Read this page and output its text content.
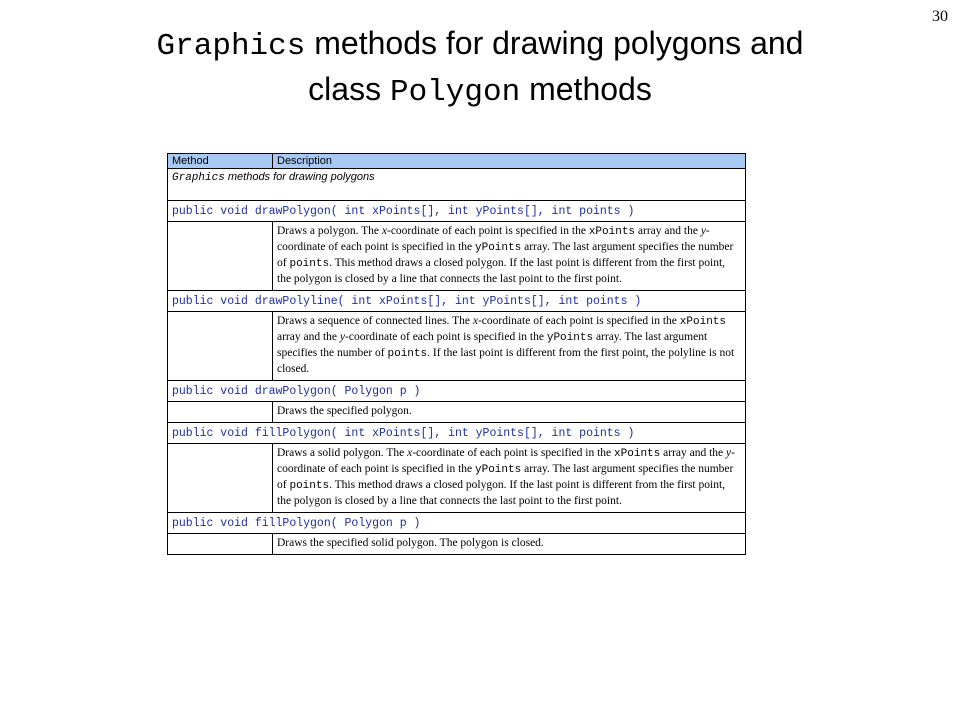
30
Graphics methods for drawing polygons and
class Polygon methods
Method	Description
Graphics methods for drawing polygons	
public void drawPolygon( int xPoints[], int yPoints[], int points )	
	Draws a polygon. The x-coordinate of each point is specified in the xPoints array and the y-coordinate of each point is specified in the yPoints array. The last argument specifies the number of points. This method draws a closed polygon. If the last point is different from the first point, the polygon is closed by a line that connects the last point to the first point.
public void drawPolyline( int xPoints[], int yPoints[], int points )	
	Draws a sequence of connected lines. The x-coordinate of each point is specified in the xPoints array and the y-coordinate of each point is specified in the yPoints array. The last argument specifies the number of points. If the last point is different from the first point, the polyline is not closed.
public void drawPolygon( Polygon p )	
	Draws the specified polygon.
public void fillPolygon( int xPoints[], int yPoints[], int points )	
	Draws a solid polygon. The x-coordinate of each point is specified in the xPoints array and the y-coordinate of each point is specified in the yPoints array. The last argument specifies the number of points. This method draws a closed polygon. If the last point is different from the first point, the polygon is closed by a line that connects the last point to the first point.
public void fillPolygon( Polygon p )	
	Draws the specified solid polygon. The polygon is closed.
